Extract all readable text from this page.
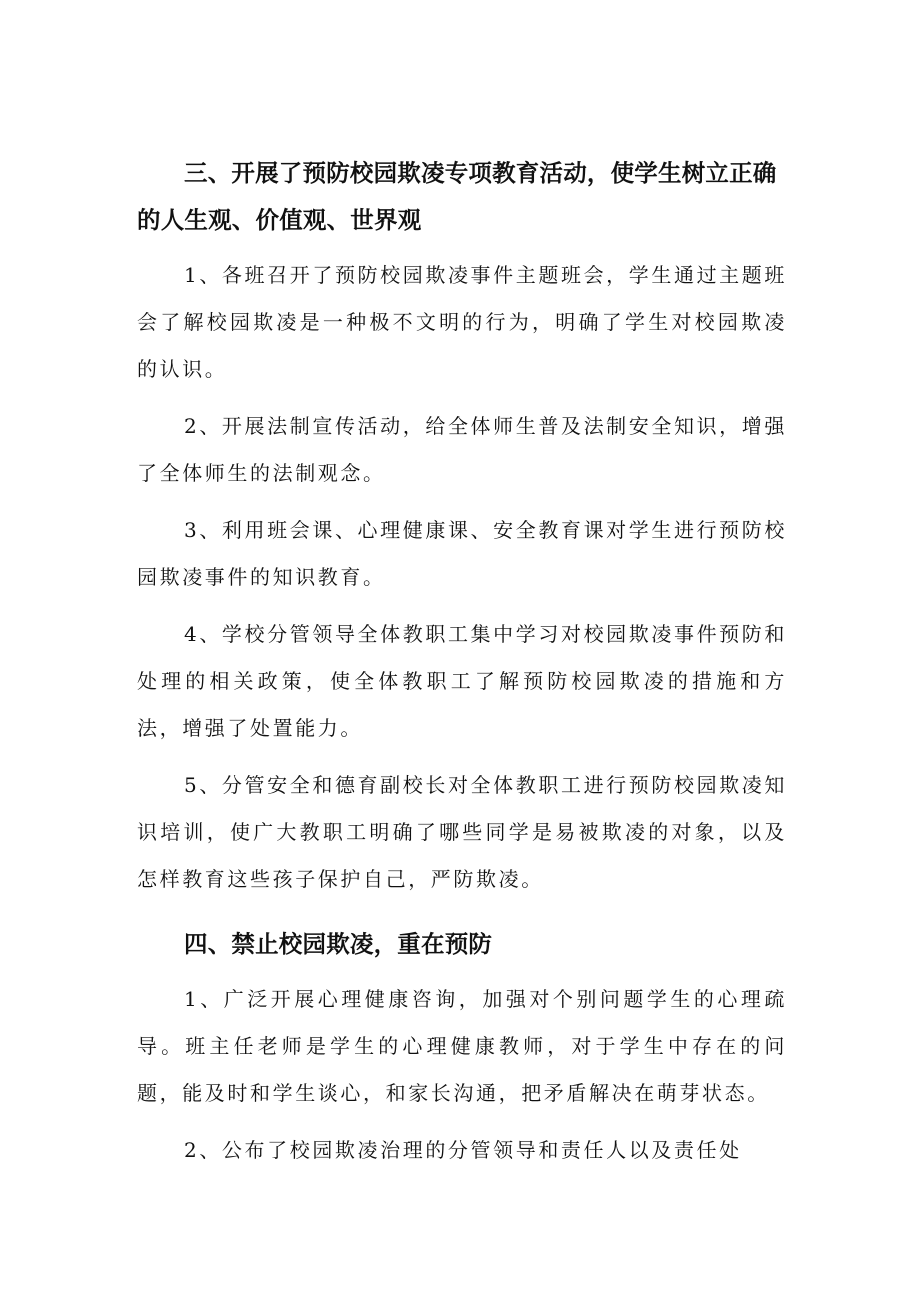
三、开展了预防校园欺凌专项教育活动，使学生树立正确的人生观、价值观、世界观

1、各班召开了预防校园欺凌事件主题班会，学生通过主题班会了解校园欺凌是一种极不文明的行为，明确了学生对校园欺凌的认识。

2、开展法制宣传活动，给全体师生普及法制安全知识，增强了全体师生的法制观念。

3、利用班会课、心理健康课、安全教育课对学生进行预防校园欺凌事件的知识教育。

4、学校分管领导全体教职工集中学习对校园欺凌事件预防和处理的相关政策，使全体教职工了解预防校园欺凌的措施和方法，增强了处置能力。

5、分管安全和德育副校长对全体教职工进行预防校园欺凌知识培训，使广大教职工明确了哪些同学是易被欺凌的对象，以及怎样教育这些孩子保护自己，严防欺凌。

四、禁止校园欺凌，重在预防

1、广泛开展心理健康咨询，加强对个别问题学生的心理疏导。班主任老师是学生的心理健康教师，对于学生中存在的问题，能及时和学生谈心，和家长沟通，把矛盾解决在萌芽状态。

2、公布了校园欺凌治理的分管领导和责任人以及责任处
